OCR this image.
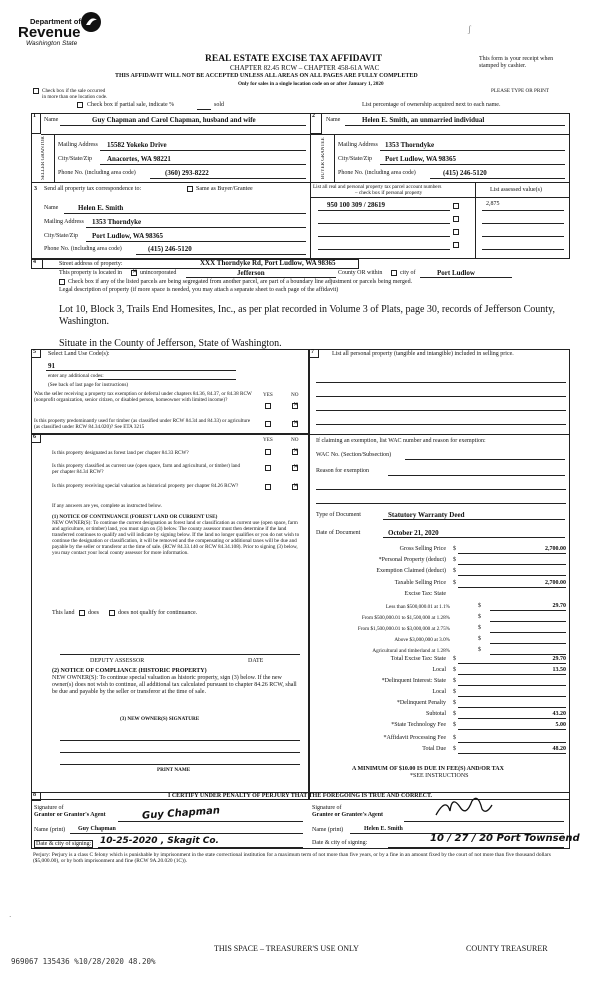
Department of
Revenue
Washington State
ʃ
REAL ESTATE EXCISE TAX AFFIDAVIT
CHAPTER 82.45 RCW – CHAPTER 458-61A WAC
THIS AFFIDAVIT WILL NOT BE ACCEPTED UNLESS ALL AREAS ON ALL PAGES ARE FULLY COMPLETED
Only for sales in a single location code on or after January 1, 2020
This form is your receipt when
stamped by cashier.
PLEASE TYPE OR PRINT
Check box if the sale occurred
in more than one location code.
Check box if partial sale, indicate %	sold	List percentage of ownership acquired next to each name.
1
SELLER GRANTOR
Name	Guy Chapman and Carol Chapman, husband and wife
Mailing Address 15582 Yokeko Drive
City/State/Zip Anacortes, WA 98221
Phone No. (including area code)	(360) 293-8222
2
BUYER GRANTEE
Name	Helen E. Smith, an unmarried individual
Mailing Address 1353 Thorndyke
City/State/Zip Port Ludlow, WA 98365
Phone No. (including area code)	(415) 246-5120
3 Send all property tax correspondence to:	Same as Buyer/Grantee
Name	Helen E. Smith
Mailing Address 1353 Thorndyke
City/State/Zip Port Ludlow, WA 98365
Phone No. (including area code)	(415) 246-5120
List all real and personal property tax parcel account numbers
– check box if personal property	List assessed value(s)
950 100 309 / 28619	2,875
4	Street address of property:	XXX Thorndyke Rd, Port Ludlow, WA 98365
This property is located in
✕	unincorporated	Jefferson	County OR within	city of	Port Ludlow
Check box if any of the listed parcels are being segregated from another parcel, are part of a boundary line adjustment or parcels being merged.
Legal description of property (if more space is needed, you may attach a separate sheet to each page of the affidavit)
Lot 10, Block 3, Trails End Homesites, Inc., as per plat recorded in Volume 3 of Plats, page 30, records of Jefferson County,
Washington.
Situate in the County of Jefferson, State of Washington.
5	Select Land Use Code(s):
91
enter any additional codes:
(See back of last page for instructions)
YES	NO
Was the seller receiving a property tax exemption or deferral under chapters 84.36, 84.37, or 84.38 RCW (nonprofit organization, senior citizen, or disabled person, homeowner with limited income)?
✕
Is this property predominantly used for timber (as classified under RCW 84.34 and 84.33) or agriculture (as classified under RCW 84.34.020)? See ETA 3215
✕
6	YES	NO
Is this property designated as forest land per chapter 84.33 RCW?
✕
Is this property classified as current use (open space, farm and agricultural, or timber) land per chapter 84.34 RCW?
✕
Is this property receiving special valuation as historical property per chapter 84.26 RCW?
✕
If any answers are yes, complete as instructed below.
(1) NOTICE OF CONTINUANCE (FOREST LAND OR CURRENT USE)
NEW OWNER(S): To continue the current designation as forest land or classification as current use (open space, farm and agriculture, or timber) land, you must sign on (3) below. The county assessor must then determine if the land transferred continues to qualify and will indicate by signing below. If the land no longer qualifies or you do not wish to continue the designation or classification, it will be removed and the compensating or additional taxes will be due and payable by the seller or transferor at the time of sale. (RCW 84.33.140 or RCW 84.34.108). Prior to signing (3) below, you may contact your local county assessor for more information.
This land does	does not qualify for continuance.
DEPUTY ASSESSOR	DATE
(2) NOTICE OF COMPLIANCE (HISTORIC PROPERTY)
NEW OWNER(S): To continue special valuation as historic property, sign (3) below. If the new owner(s) does not wish to continue, all additional tax calculated pursuant to chapter 84.26 RCW, shall be due and payable by the seller or transferor at the time of sale.
(3) NEW OWNER(S) SIGNATURE
PRINT NAME
7	List all personal property (tangible and intangible) included in selling price.
If claiming an exemption, list WAC number and reason for exemption:
WAC No. (Section/Subsection)
Reason for exemption
Type of Document	Statutory Warranty Deed
Date of Document	October 21, 2020
Gross Selling Price $	2,700.00
*Personal Property (deduct) $
Exemption Claimed (deduct) $
Taxable Selling Price $	2,700.00
Excise Tax: State
Less than $500,000.01 at 1.1%	$	29.70
From $500,000.01 to $1,500,000 at 1.28%	$
From $1,500,000.01 to $3,000,000 at 2.75%	$
Above $3,000,000 at 3.0%	$
Agricultural and timberland at 1.28%	$
Total Excise Tax: State $	29.70
Local $	13.50
*Delinquent Interest: State $
Local $
*Delinquent Penalty $
Subtotal $	43.20
*State Technology Fee $	5.00
*Affidavit Processing Fee $
Total Due $	48.20
A MINIMUM OF $10.00 IS DUE IN FEE(S) AND/OR TAX
*SEE INSTRUCTIONS
8	I CERTIFY UNDER PENALTY OF PERJURY THAT THE FOREGOING IS TRUE AND CORRECT.
Signature of
Grantor or Grantor's Agent	Guy Chapman	Signature of
Grantee or Grantee's Agent
Name (print) Guy Chapman	Name (print)	Helen E. Smith
Date & city of signing: 10-25-2020 , Skagit Co.	Date & city of signing:	10 / 27 / 20 Port Townsend
Perjury: Perjury is a class C felony which is punishable by imprisonment in the state correctional institution for a maximum term of not more than five years, or by a fine in an amount fixed by the court of not more than five thousand dollars ($5,000.00), or by both imprisonment and fine (RCW 9A.20.020 (1C)).
·
THIS SPACE – TREASURER'S USE ONLY	COUNTY TREASURER
969067 135436 %10/28/2020 48.20%
